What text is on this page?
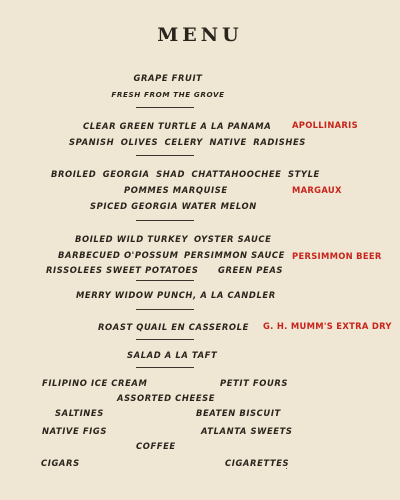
MENU
GRAPE FRUIT
FRESH FROM THE GROVE
CLEAR GREEN TURTLE A LA PANAMA APOLLINARIS
SPANISH OLIVES CELERY NATIVE RADISHES
BROILED GEORGIA SHAD CHATTAHOOCHEE STYLE
POMMES MARQUISE	MARGAUX
SPICED GEORGIA WATER MELON
BOILED WILD TURKEY OYSTER SAUCE
BARBECUED O'POSSUM PERSIMMON SAUCE PERSIMMON BEER
RISSOLEES SWEET POTATOES GREEN PEAS
MERRY WIDOW PUNCH, A LA CANDLER
ROAST QUAIL EN CASSEROLE G. H. MUMM'S EXTRA DRY
SALAD A LA TAFT
FILIPINO ICE CREAM	PETIT FOURS
ASSORTED CHEESE
SALTINES	BEATEN BISCUIT
NATIVE FIGS	ATLANTA SWEETS
COFFEE
CIGARS	CIGARETTES
